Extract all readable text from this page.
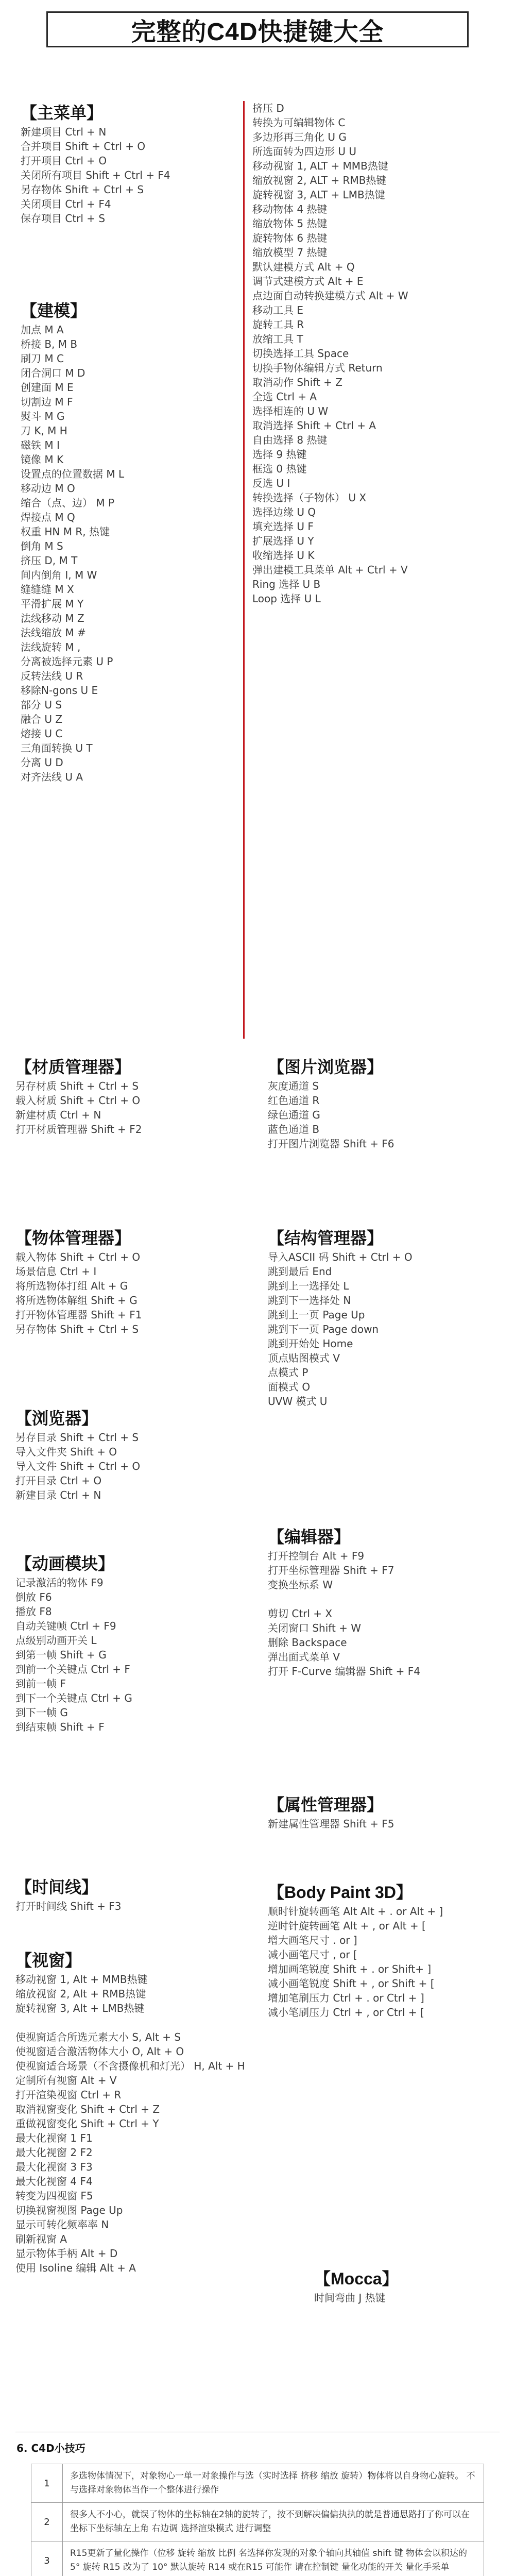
完整的C4D快捷键大全
【主菜单】
新建项目 Ctrl + N
合并项目 Shift + Ctrl + O
打开项目 Ctrl + O
关闭所有项目 Shift + Ctrl + F4
另存物体 Shift + Ctrl + S
关闭项目 Ctrl + F4
保存项目 Ctrl + S
【建模】
加点 M A
桥接 B, M B
刷刀 M C
闭合洞口 M D
创建面 M E
切割边 M F
熨斗 M G
刀 K, M H
磁铁 M I
镜像 M K
设置点的位置数据 M L
移动边 M O
缩合（点、边） M P
焊接点 M Q
权重 HN M R, 热键
倒角 M S
挤压 D, M T
间内倒角 I, M W
缝缝缝 M X
平滑扩展 M Y
法线移动 M Z
法线缩放 M #
法线旋转 M ,
分离被选择元素 U P
反转法线 U R
移除N-gons U E
部分 U S
融合 U Z
熔接 U C
三角面转换 U T
分离 U D
对齐法线 U A
挤压 D
转换为可编辑物体 C
多边形再三角化 U G
所选面转为四边形 U U
移动视窗 1, ALT + MMB热键
缩放视窗 2, ALT + RMB热键
旋转视窗 3, ALT + LMB热键
移动物体 4 热键
缩放物体 5 热键
旋转物体 6 热键
缩放模型 7 热键
默认建模方式 Alt + Q
调节式建模方式 Alt + E
点边面自动转换建模方式 Alt + W
移动工具 E
旋转工具 R
放缩工具 T
切换选择工具 Space
切换手物体编辑方式 Return
取消动作 Shift + Z
全选 Ctrl + A
选择相连的 U W
取消选择 Shift + Ctrl + A
自由选择 8 热键
选择 9 热键
框选 0 热键
反选 U I
转换选择（子物体） U X
选择边缘 U Q
填充选择 U F
扩展选择 U Y
收缩选择 U K
弹出建模工具菜单 Alt + Ctrl + V
Ring 选择 U B
Loop 选择 U L
【材质管理器】
另存材质 Shift + Ctrl + S
载入材质 Shift + Ctrl + O
新建材质 Ctrl + N
打开材质管理器 Shift + F2
【图片浏览器】
灰度通道 S
红色通道 R
绿色通道 G
蓝色通道 B
打开图片浏览器 Shift + F6
【物体管理器】
载入物体 Shift + Ctrl + O
场景信息 Ctrl + I
将所选物体打组 Alt + G
将所选物体解组 Shift + G
打开物体管理器 Shift + F1
另存物体 Shift + Ctrl + S
【结构管理器】
导入ASCII 码 Shift + Ctrl + O
跳到最后 End
跳到上一选择处 L
跳到下一选择处 N
跳到上一页 Page Up
跳到下一页 Page down
跳到开始处 Home
顶点贴图模式 V
点模式 P
面模式 O
UVW 模式 U
【浏览器】
另存目录 Shift + Ctrl + S
导入文件夹 Shift + O
导入文件 Shift + Ctrl + O
打开目录 Ctrl + O
新建目录 Ctrl + N
【编辑器】
打开控制台 Alt + F9
打开坐标管理器 Shift + F7
变换坐标系 W
剪切 Ctrl + X
关闭窗口 Shift + W
删除 Backspace
弹出面式菜单 V
打开 F-Curve 编辑器 Shift + F4
【动画模块】
记录激活的物体 F9
倒放 F6
播放 F8
自动关键帧 Ctrl + F9
点级别动画开关 L
到第一帧 Shift + G
到前一个关键点 Ctrl + F
到前一帧 F
到下一个关键点 Ctrl + G
到下一帧 G
到结束帧 Shift + F
【属性管理器】
新建属性管理器 Shift + F5
【时间线】
打开时间线 Shift + F3
【Body Paint 3D】
顺时针旋转画笔 Alt Alt + . or Alt + ]
逆时针旋转画笔 Alt + , or Alt + [
增大画笔尺寸 . or ]
减小画笔尺寸 , or [
增加画笔锐度 Shift + . or Shift+ ]
减小画笔锐度 Shift + , or Shift + [
增加笔刷压力 Ctrl + . or Ctrl + ]
减小笔刷压力 Ctrl + , or Ctrl + [
【视窗】
移动视窗 1, Alt + MMB热键
缩放视窗 2, Alt + RMB热键
旋转视窗 3, Alt + LMB热键
使视窗适合所选元素大小 S, Alt + S
使视窗适合激活物体大小 O, Alt + O
使视窗适合场景（不含摄像机和灯光） H, Alt + H
定制所有视窗 Alt + V
打开渲染视窗 Ctrl + R
取消视窗变化 Shift + Ctrl + Z
重做视窗变化 Shift + Ctrl + Y
最大化视窗 1 F1
最大化视窗 2 F2
最大化视窗 3 F3
最大化视窗 4 F4
转变为四视窗 F5
切换视窗视图 Page Up
显示可转化频率率 N
刷新视窗 A
显示物体手柄 Alt + D
使用 Isoline 编辑 Alt + A
【Mocca】
时间弯曲 J 热键
6. C4D小技巧
1	多选物体情况下，对象物心一单一对象操作与选（实时选择 挤移 缩放 旋转）物体将以自身物心旋转。 不与选择对象物体当作一个整体进行操作

2	很多人不小心，就误了物体的坐标轴在2轴的旋转了，按不到解决偏偏执执的就是普通思路打了你可以在坐标下坐标轴左上角 右边调 选择渲染模式 进行调整

3	R15更新了量化操作（位移 旋转 缩放 比例 名选择你发现的对象个轴向其轴值 shift 键 物体会以积达的5° 旋转 R15 改为了 10° 默认旋转 R14 或在R15 可能作 请在控制键 量化功能的开关 量化手采单
